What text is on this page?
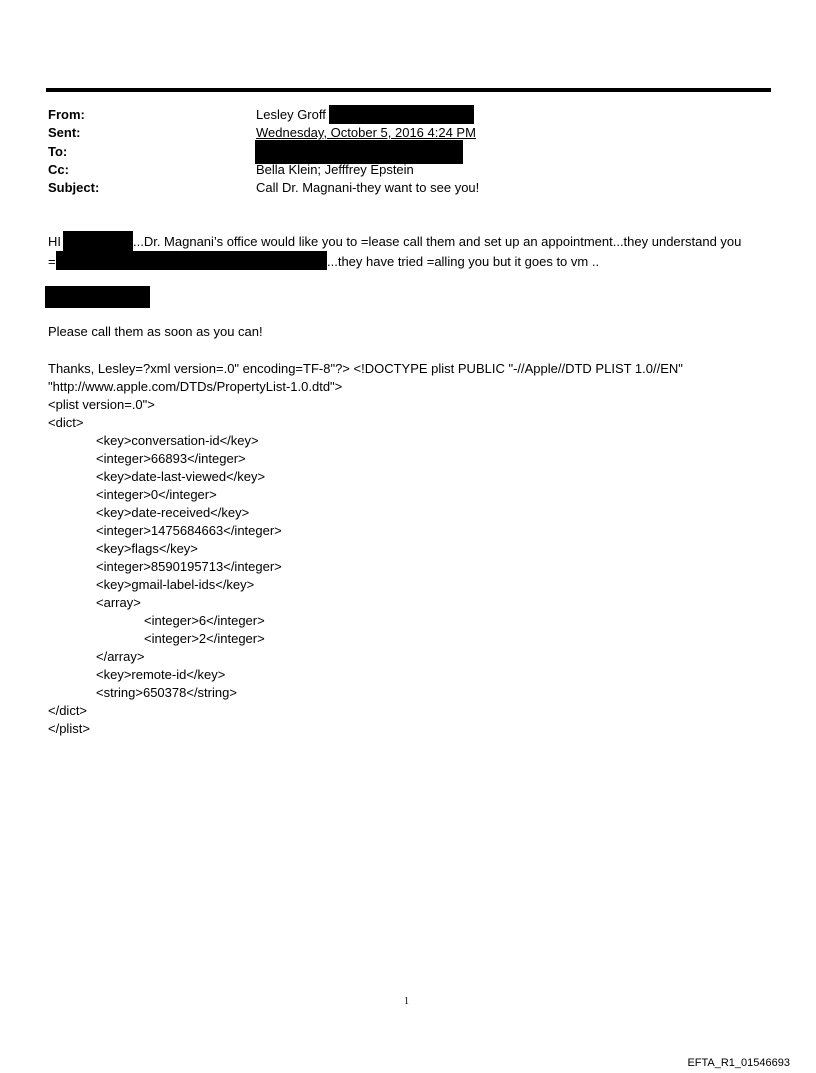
From:	Lesley Groff
Sent:	Wednesday, October 5, 2016 4:24 PM
To:
Cc:	Bella Klein; Jefffrey Epstein
Subject:	Call Dr. Magnani-they want to see you!
HI	...Dr. Magnani’s office would like you to =lease call them and set up an appointment...they understand you
=	...they have tried =alling you but it goes to vm ..
Please call them as soon as you can!
Thanks, Lesley=?xml version=.0" encoding=TF-8"?> <!DOCTYPE plist PUBLIC "-//Apple//DTD PLIST 1.0//EN"
"http://www.apple.com/DTDs/PropertyList-1.0.dtd">
<plist version=.0">
<dict>
<key>conversation-id</key>
<integer>66893</integer>
<key>date-last-viewed</key>
<integer>0</integer>
<key>date-received</key>
<integer>1475684663</integer>
<key>flags</key>
<integer>8590195713</integer>
<key>gmail-label-ids</key>
<array>
<integer>6</integer>
<integer>2</integer>
</array>
<key>remote-id</key>
<string>650378</string>
</dict>
</plist>
1
EFTA_R1_01546693
